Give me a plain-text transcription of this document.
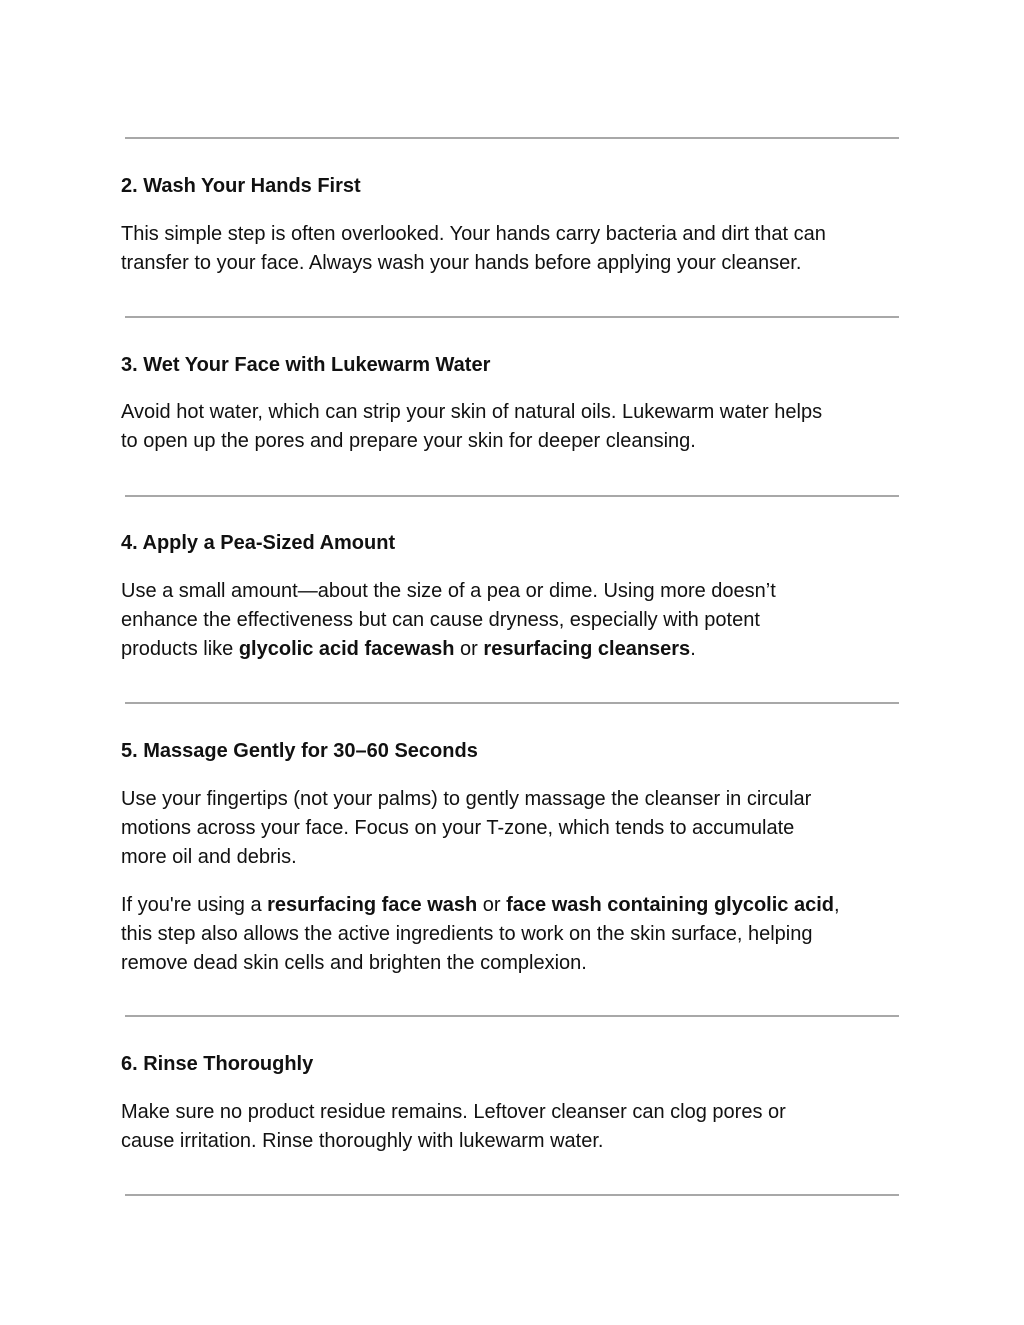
2. Wash Your Hands First

This simple step is often overlooked. Your hands carry bacteria and dirt that can
transfer to your face. Always wash your hands before applying your cleanser.

3. Wet Your Face with Lukewarm Water

Avoid hot water, which can strip your skin of natural oils. Lukewarm water helps
to open up the pores and prepare your skin for deeper cleansing.

4. Apply a Pea-Sized Amount

Use a small amount—about the size of a pea or dime. Using more doesn’t
enhance the effectiveness but can cause dryness, especially with potent
products like glycolic acid facewash or resurfacing cleansers.

5. Massage Gently for 30–60 Seconds

Use your fingertips (not your palms) to gently massage the cleanser in circular
motions across your face. Focus on your T-zone, which tends to accumulate
more oil and debris.

If you're using a resurfacing face wash or face wash containing glycolic acid,
this step also allows the active ingredients to work on the skin surface, helping
remove dead skin cells and brighten the complexion.

6. Rinse Thoroughly

Make sure no product residue remains. Leftover cleanser can clog pores or
cause irritation. Rinse thoroughly with lukewarm water.
